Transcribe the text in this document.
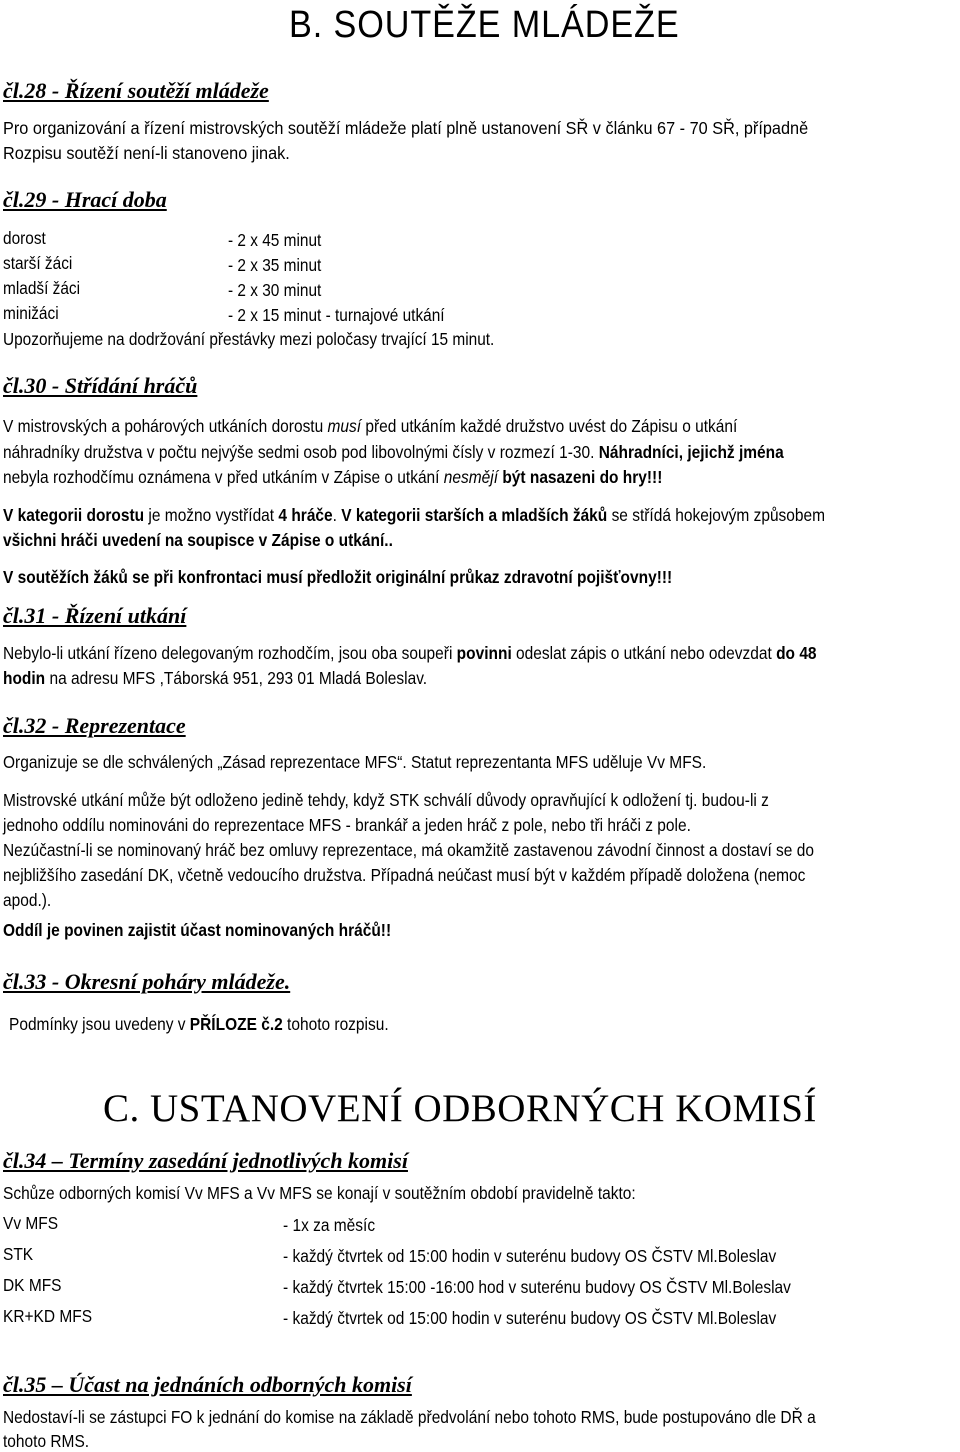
B. SOUTĚŽE MLÁDEŽE
čl.28 - Řízení soutěží mládeže
Pro organizování a řízení mistrovských soutěží mládeže platí plně ustanovení SŘ v článku 67 - 70 SŘ, případně
Rozpisu soutěží není-li stanoveno jinak.
čl.29 - Hrací doba
dorost	- 2 x 45 minut
starší žáci	- 2 x 35 minut
mladší žáci	- 2 x 30 minut
minižáci	- 2 x 15 minut - turnajové utkání
Upozorňujeme na dodržování přestávky mezi poločasy trvající 15 minut.
čl.30 - Střídání hráčů
V mistrovských a pohárových utkáních dorostu musí před utkáním každé družstvo uvést do Zápisu o utkání
náhradníky družstva v počtu nejvýše sedmi osob pod libovolnými čísly v rozmezí 1-30. Náhradníci, jejichž jména
nebyla rozhodčímu oznámena v před utkáním v Zápise o utkání nesmějí být nasazeni do hry!!!
V kategorii dorostu je možno vystřídat 4 hráče. V kategorii starších a mladších žáků se střídá hokejovým způsobem
všichni hráči uvedení na soupisce v Zápise o utkání..
V soutěžích žáků se při konfrontaci musí předložit originální průkaz zdravotní pojišťovny!!!
čl.31 - Řízení utkání
Nebylo-li utkání řízeno delegovaným rozhodčím, jsou oba soupeři povinni odeslat zápis o utkání nebo odevzdat do 48
hodin na adresu MFS ,Táborská 951, 293 01 Mladá Boleslav.
čl.32 - Reprezentace
Organizuje se dle schválených „Zásad reprezentace MFS“. Statut reprezentanta MFS uděluje Vv MFS.
Mistrovské utkání může být odloženo jedině tehdy, když STK schválí důvody opravňující k odložení tj. budou-li z
jednoho oddílu nominováni do reprezentace MFS - brankář a jeden hráč z pole, nebo tři hráči z pole.
Nezúčastní-li se nominovaný hráč bez omluvy reprezentace, má okamžitě zastavenou závodní činnost a dostaví se do
nejbližšího zasedání DK, včetně vedoucího družstva. Případná neúčast musí být v každém případě doložena (nemoc
apod.).
Oddíl je povinen zajistit účast nominovaných hráčů!!
čl.33 - Okresní poháry mládeže.
Podmínky jsou uvedeny v PŘÍLOZE č.2 tohoto rozpisu.
C. USTANOVENÍ ODBORNÝCH KOMISÍ
čl.34 – Termíny zasedání jednotlivých komisí
Schůze odborných komisí Vv MFS a Vv MFS se konají v soutěžním období pravidelně takto:
Vv MFS	- 1x za měsíc
STK	- každý čtvrtek od 15:00 hodin v suterénu budovy OS ČSTV Ml.Boleslav
DK MFS	- každý čtvrtek 15:00 -16:00 hod v suterénu budovy OS ČSTV Ml.Boleslav
KR+KD MFS	- každý čtvrtek od 15:00 hodin v suterénu budovy OS ČSTV Ml.Boleslav
čl.35 – Účast na jednáních odborných komisí
Nedostaví-li se zástupci FO k jednání do komise na základě předvolání nebo tohoto RMS, bude postupováno dle DŘ a
tohoto RMS.
